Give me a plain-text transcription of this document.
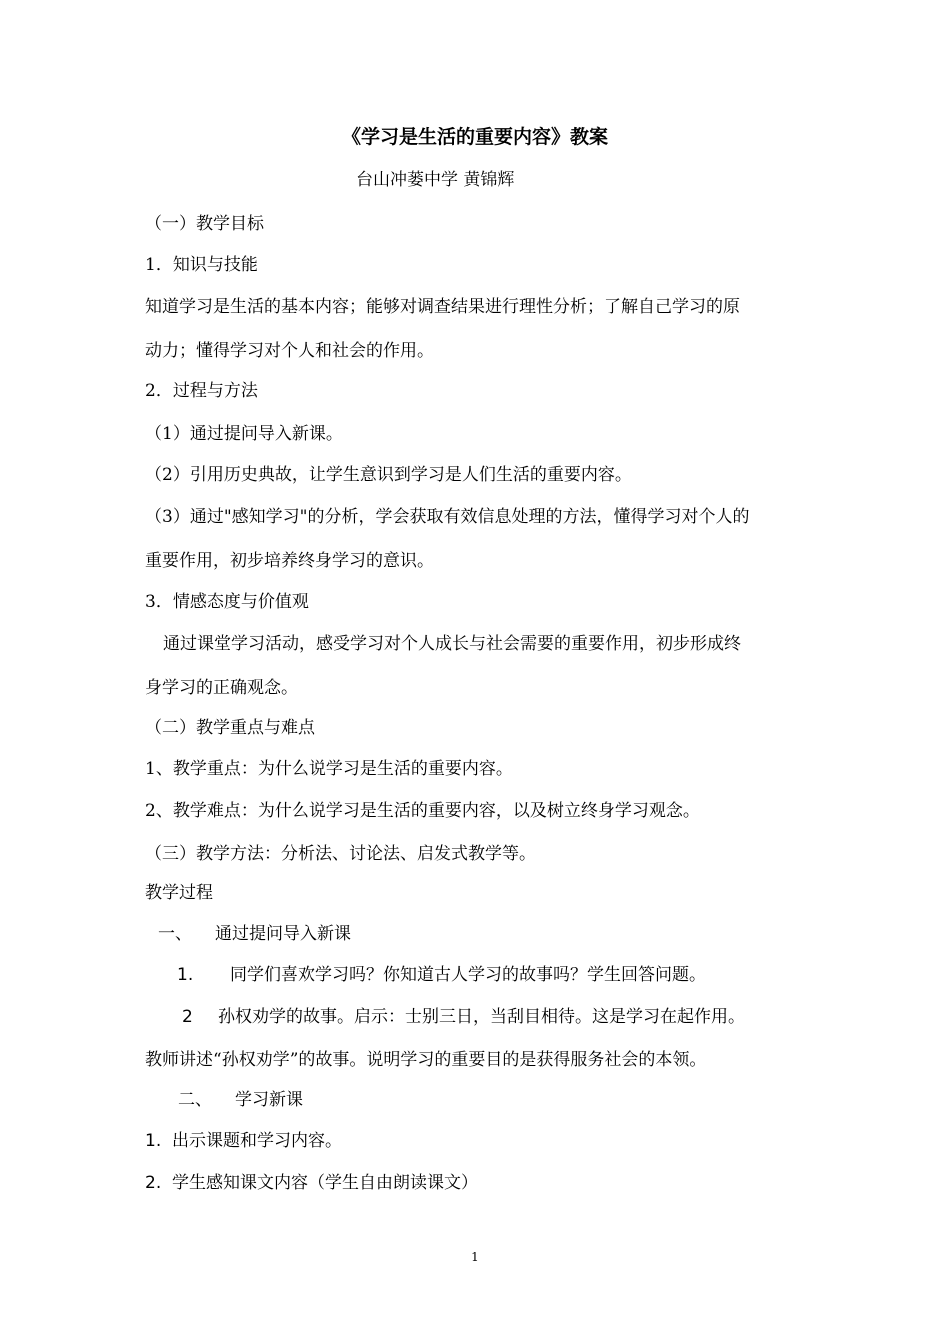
《学习是生活的重要内容》教案
台山冲蒌中学 黄锦辉
（一）教学目标
1．知识与技能
知道学习是生活的基本内容；能够对调查结果进行理性分析；了解自己学习的原
动力；懂得学习对个人和社会的作用。
2．过程与方法
（1）通过提问导入新课。
（2）引用历史典故，让学生意识到学习是人们生活的重要内容。
（3）通过"感知学习"的分析，学会获取有效信息处理的方法，懂得学习对个人的
重要作用，初步培养终身学习的意识。
3．情感态度与价值观
通过课堂学习活动，感受学习对个人成长与社会需要的重要作用，初步形成终
身学习的正确观念。
（二）教学重点与难点
1、教学重点：为什么说学习是生活的重要内容。
2、教学难点：为什么说学习是生活的重要内容，以及树立终身学习观念。
（三）教学方法：分析法、讨论法、启发式教学等。
教学过程
一、 通过提问导入新课
1. 同学们喜欢学习吗？你知道古人学习的故事吗？学生回答问题。
2 孙权劝学的故事。启示：士别三日，当刮目相待。这是学习在起作用。
教师讲述“孙权劝学”的故事。说明学习的重要目的是获得服务社会的本领。
二、 学习新课
1. 出示课题和学习内容。
2. 学生感知课文内容（学生自由朗读课文）
1
